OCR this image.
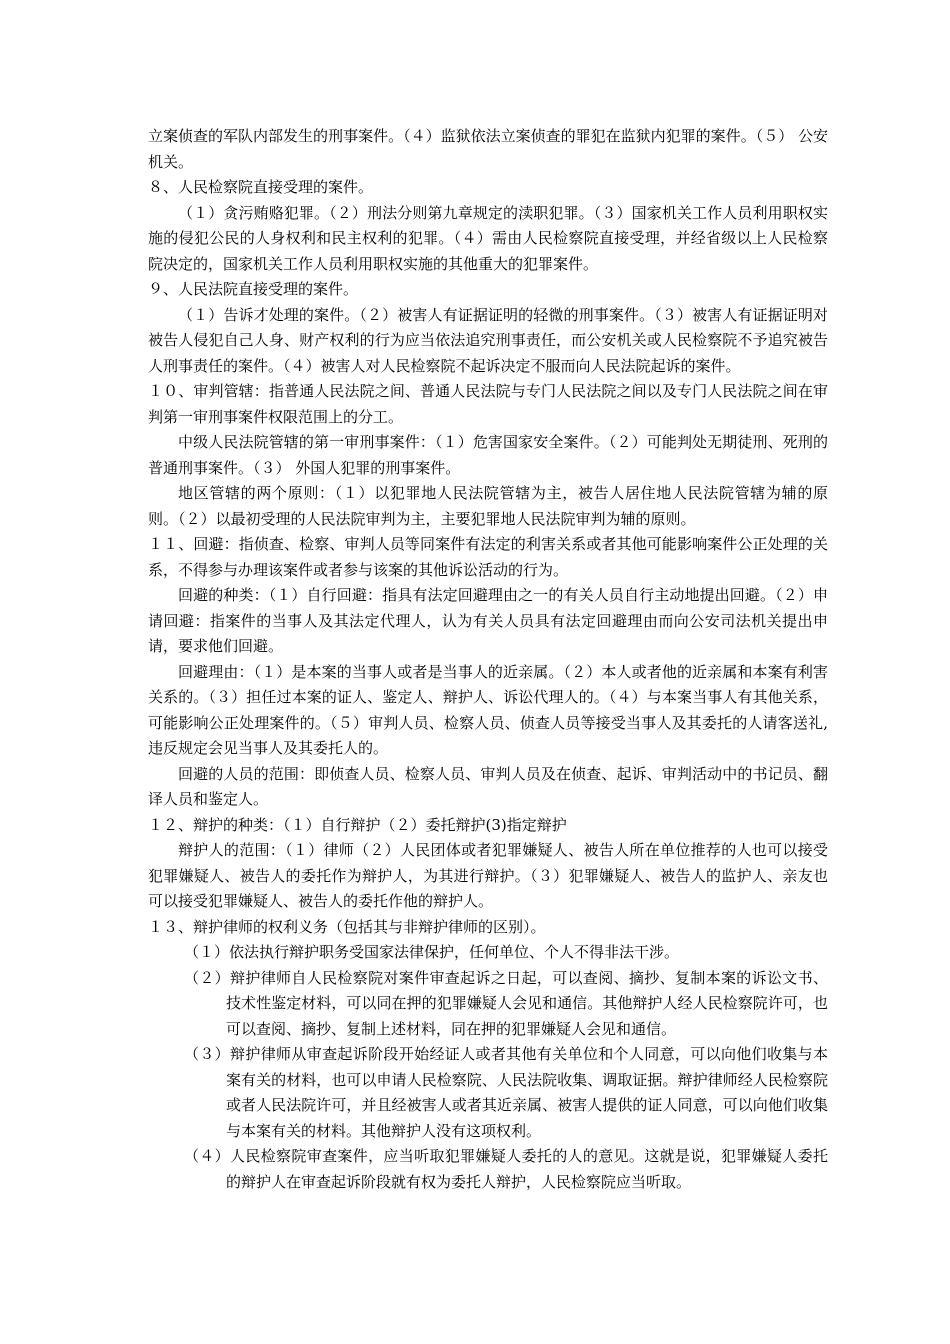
立案侦查的军队内部发生的刑事案件。（４）监狱依法立案侦查的罪犯在监狱内犯罪的案件。（５） 公安机关。

８、人民检察院直接受理的案件。

（１）贪污贿赂犯罪。（２）刑法分则第九章规定的渎职犯罪。（３）国家机关工作人员利用职权实施的侵犯公民的人身权利和民主权利的犯罪。（４）需由人民检察院直接受理，并经省级以上人民检察院决定的，国家机关工作人员利用职权实施的其他重大的犯罪案件。

９、人民法院直接受理的案件。

（１）告诉才处理的案件。（２）被害人有证据证明的轻微的刑事案件。（３）被害人有证据证明对被告人侵犯自己人身、财产权利的行为应当依法追究刑事责任，而公安机关或人民检察院不予追究被告人刑事责任的案件。（４）被害人对人民检察院不起诉决定不服而向人民法院起诉的案件。

１０、审判管辖：指普通人民法院之间、普通人民法院与专门人民法院之间以及专门人民法院之间在审判第一审刑事案件权限范围上的分工。

中级人民法院管辖的第一审刑事案件：（１）危害国家安全案件。（２）可能判处无期徒刑、死刑的普通刑事案件。（３） 外国人犯罪的刑事案件。

地区管辖的两个原则：（１）以犯罪地人民法院管辖为主，被告人居住地人民法院管辖为辅的原则。（２）以最初受理的人民法院审判为主，主要犯罪地人民法院审判为辅的原则。

１１、回避：指侦查、检察、审判人员等同案件有法定的利害关系或者其他可能影响案件公正处理的关系，不得参与办理该案件或者参与该案的其他诉讼活动的行为。

回避的种类：（１）自行回避：指具有法定回避理由之一的有关人员自行主动地提出回避。（２）申请回避：指案件的当事人及其法定代理人，认为有关人员具有法定回避理由而向公安司法机关提出申请，要求他们回避。

回避理由：（１）是本案的当事人或者是当事人的近亲属。（２）本人或者他的近亲属和本案有利害关系的。（３）担任过本案的证人、鉴定人、辩护人、诉讼代理人的。（４）与本案当事人有其他关系，可能影响公正处理案件的。（５）审判人员、检察人员、侦查人员等接受当事人及其委托的人请客送礼,违反规定会见当事人及其委托人的。

回避的人员的范围：即侦查人员、检察人员、审判人员及在侦查、起诉、审判活动中的书记员、翻译人员和鉴定人。

１２、辩护的种类：（１）自行辩护（２）委托辩护(3)指定辩护

辩护人的范围：（１）律师（２）人民团体或者犯罪嫌疑人、被告人所在单位推荐的人也可以接受犯罪嫌疑人、被告人的委托作为辩护人，为其进行辩护。（３）犯罪嫌疑人、被告人的监护人、亲友也可以接受犯罪嫌疑人、被告人的委托作他的辩护人。

１３、辩护律师的权利义务（包括其与非辩护律师的区别）。

（１）依法执行辩护职务受国家法律保护，任何单位、个人不得非法干涉。

（２）辩护律师自人民检察院对案件审查起诉之日起，可以查阅、摘抄、复制本案的诉讼文书、技术性鉴定材料，可以同在押的犯罪嫌疑人会见和通信。其他辩护人经人民检察院许可，也可以查阅、摘抄、复制上述材料，同在押的犯罪嫌疑人会见和通信。

（３）辩护律师从审查起诉阶段开始经证人或者其他有关单位和个人同意，可以向他们收集与本案有关的材料，也可以申请人民检察院、人民法院收集、调取证据。辩护律师经人民检察院或者人民法院许可，并且经被害人或者其近亲属、被害人提供的证人同意，可以向他们收集与本案有关的材料。其他辩护人没有这项权利。

（４）人民检察院审查案件，应当听取犯罪嫌疑人委托的人的意见。这就是说，犯罪嫌疑人委托的辩护人在审查起诉阶段就有权为委托人辩护，人民检察院应当听取。
